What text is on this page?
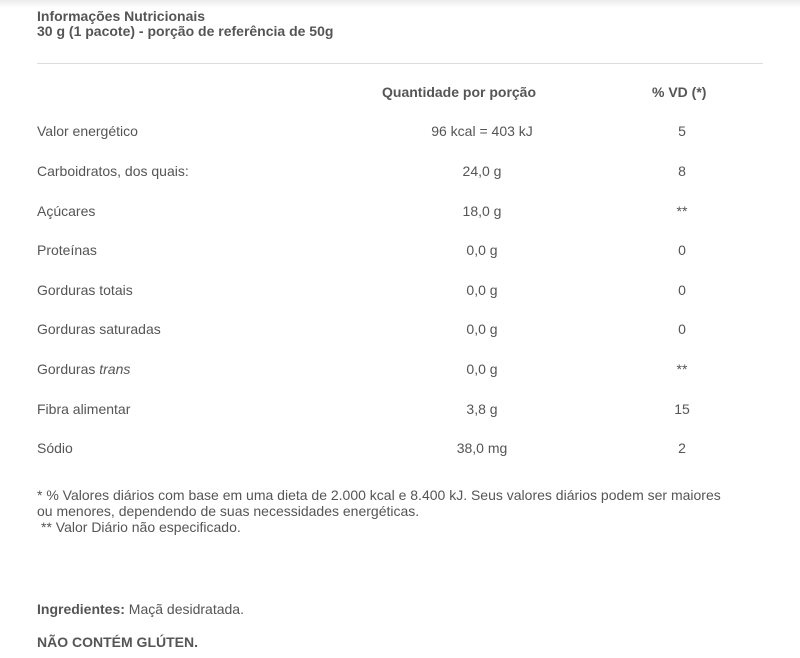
Informações Nutricionais
30 g (1 pacote) - porção de referência de 50g
Quantidade por porção	% VD (*)
Valor energético	96 kcal = 403 kJ	5
Carboidratos, dos quais:	24,0 g	8
Açúcares	18,0 g	**
Proteínas	0,0 g	0
Gorduras totais	0,0 g	0
Gorduras saturadas	0,0 g	0
Gorduras trans	0,0 g	**
Fibra alimentar	3,8 g	15
Sódio	38,0 mg	2
* % Valores diários com base em uma dieta de 2.000 kcal e 8.400 kJ. Seus valores diários podem ser maiores ou menores, dependendo de suas necessidades energéticas.
** Valor Diário não especificado.
Ingredientes: Maçã desidratada.
NÃO CONTÉM GLÚTEN.
